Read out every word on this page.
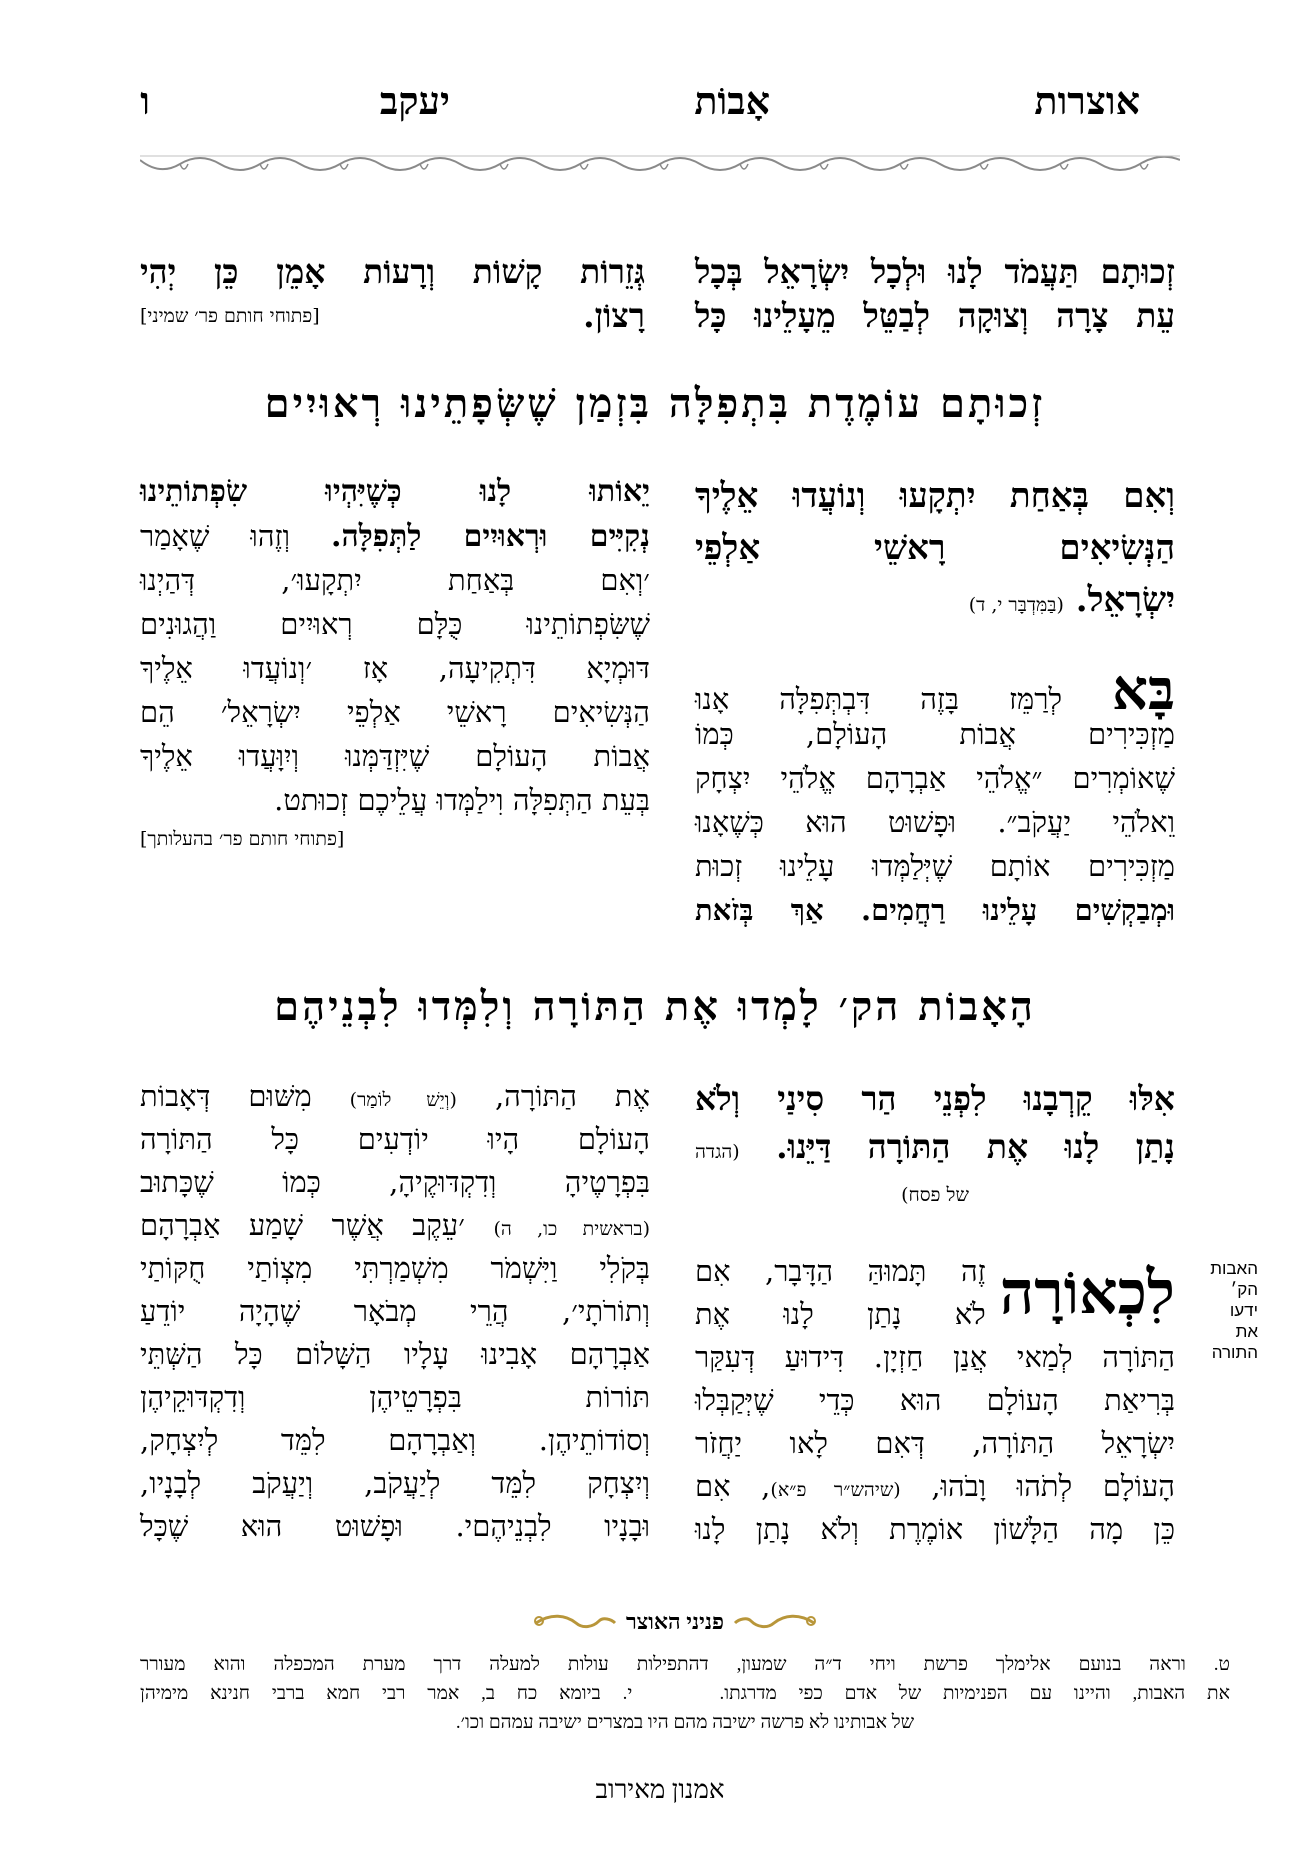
אוצרות
אָבוֹת
יעקב
ו
זְכוּתָם תַּעֲמֹד לָנוּ וּלְכָל יִשְׂרָאֵל בְּכָל
עֵת צָרָה וְצוּקָה לְבַטֵּל מֵעָלֵינוּ כָּל
גְּזֵרוֹת קָשׁוֹת וְרָעוֹת אָמֵן כֵּן יְהִי
רָצוֹן.
[פתוחי חותם פר׳ שמיני]
זְכוּתָם עוֹמֶדֶת בִּתְפִלָּה בִּזְמַן שֶׁשְּׂפָתֵינוּ רְאוּיִים
וְאִם בְּאַחַת יִתְקָעוּ וְנוֹעֲדוּ אֵלֶיךָ
הַנְּשִׂיאִים רָאשֵׁי אַלְפֵי
יִשְׂרָאֵל. (בַּמִּדְבָּר י, ד)
בָּא לְרַמֵּז בָּזֶה דִּבְתְּפִלָּה אָנוּ
מַזְכִּירִים אֲבוֹת הָעוֹלָם, כְּמוֹ
שֶׁאוֹמְרִים ״אֱלֹהֵי אַבְרָהָם אֱלֹהֵי יִצְחָק
וֵאלֹהֵי יַעֲקֹב״. וּפָשׁוּט הוּא כְּשֶׁאָנוּ
מַזְכִּירִים אוֹתָם שֶׁיְּלַמְּדוּ עָלֵינוּ זְכוּת
וּמְבַקְשִׁים עָלֵינוּ רַחֲמִים. אַךְ בְּזֹאת
יֵאוֹתוּ לָנוּ כְּשֶׁיִּהְיוּ שִׂפְתוֹתֵינוּ
נְקִיִּים וּרְאוּיִים לַתְּפִלָּה. וְזֶהוּ שֶׁאָמַר
׳וְאִם בְּאַחַת יִתְקָעוּ׳, דְּהַיְנוּ
שֶׁשִּׂפְתוֹתֵינוּ כֻּלָּם רְאוּיִים וַהֲגוּנִים
דּוּמְיָא דִּתְקִיעָה, אָז ׳וְנוֹעֲדוּ אֵלֶיךָ
הַנְּשִׂיאִים רָאשֵׁי אַלְפֵי יִשְׂרָאֵל׳ הֵם
אֲבוֹת הָעוֹלָם שֶׁיִּזְדַּמְּנוּ וְיִוָּעֲדוּ אֵלֶיךָ
בְּעֵת הַתְּפִלָּה וִילַמְּדוּ עֲלֵיכֶם זְכוּתט.
[פתוחי חותם פר׳ בהעלותך]
הָאָבוֹת הק׳ לָמְדוּ אֶת הַתּוֹרָה וְלִמְּדוּ לִבְנֵיהֶם
אִלּוּ קֵרְבָנוּ לִפְנֵי הַר סִינַי וְלֹא
נָתַן לָנוּ אֶת הַתּוֹרָה דַּיֵּנוּ. (הגדה
של פסח)
האבות
הק׳
ידעו
את
התורה
לִכְאוֹרָה
זֶה תָּמוּהַּ הַדָּבָר, אִם
לֹא נָתַן לָנוּ אֶת
הַתּוֹרָה לְמַאי אֲנַן חַזְיָן. דִּידוּעַ דְּעִקַּר
בְּרִיאַת הָעוֹלָם הוּא כְּדֵי שֶׁיְּקַבְּלוּ
יִשְׂרָאֵל הַתּוֹרָה, דְּאִם לָאו יַחֲזֹר
הָעוֹלָם לְתֹהוּ וָבֹהוּ, (שיהש״ר פ״א), אִם
כֵּן מָה הַלָּשׁוֹן אוֹמֶרֶת וְלֹא נָתַן לָנוּ
אֶת הַתּוֹרָה, (וְיֵשׁ לוֹמַר) מִשּׁוּם דְּאָבוֹת
הָעוֹלָם הָיוּ יוֹדְעִים כָּל הַתּוֹרָה
בִּפְרָטֶיהָ וְדִקְדּוּקֶיהָ, כְּמוֹ שֶׁכָּתוּב
(בראשית כו, ה) ׳עֵקֶב אֲשֶׁר שָׁמַע אַבְרָהָם
בְּקֹלִי וַיִּשְׁמֹר מִשְׁמַרְתִּי מִצְוֹתַי חֻקּוֹתַי
וְתוֹרֹתָי׳, הֲרֵי מְבֹאָר שֶׁהָיָה יוֹדֵעַ
אַבְרָהָם אָבִינוּ עָלָיו הַשָּׁלוֹם כָּל הַשְּׁתֵּי
תּוֹרוֹת בִּפְרָטֵיהֶן וְדִקְדּוּקֵיהֶן
וְסוֹדוֹתֵיהֶן. וְאַבְרָהָם לִמֵּד לְיִצְחָק,
וְיִצְחָק לִמֵּד לְיַעֲקֹב, וְיַעֲקֹב לְבָנָיו,
וּבָנָיו לִבְנֵיהֶםי. וּפָשׁוּט הוּא שֶׁכָּל
פניני האוצר
ט. וראה בנועם אלימלך פרשת ויחי ד״ה שמעון, דהתפילות עולות למעלה דרך מערת המכפלה והוא מעורר
את האבות, והיינו עם הפנימיות של אדם כפי מדרגתו.    י. ביומא כח ב, אמר רבי חמא ברבי חנינא מימיהן
של אבותינו לא פרשה ישיבה מהם היו במצרים ישיבה עמהם וכו׳.
אמנון מאירוב
